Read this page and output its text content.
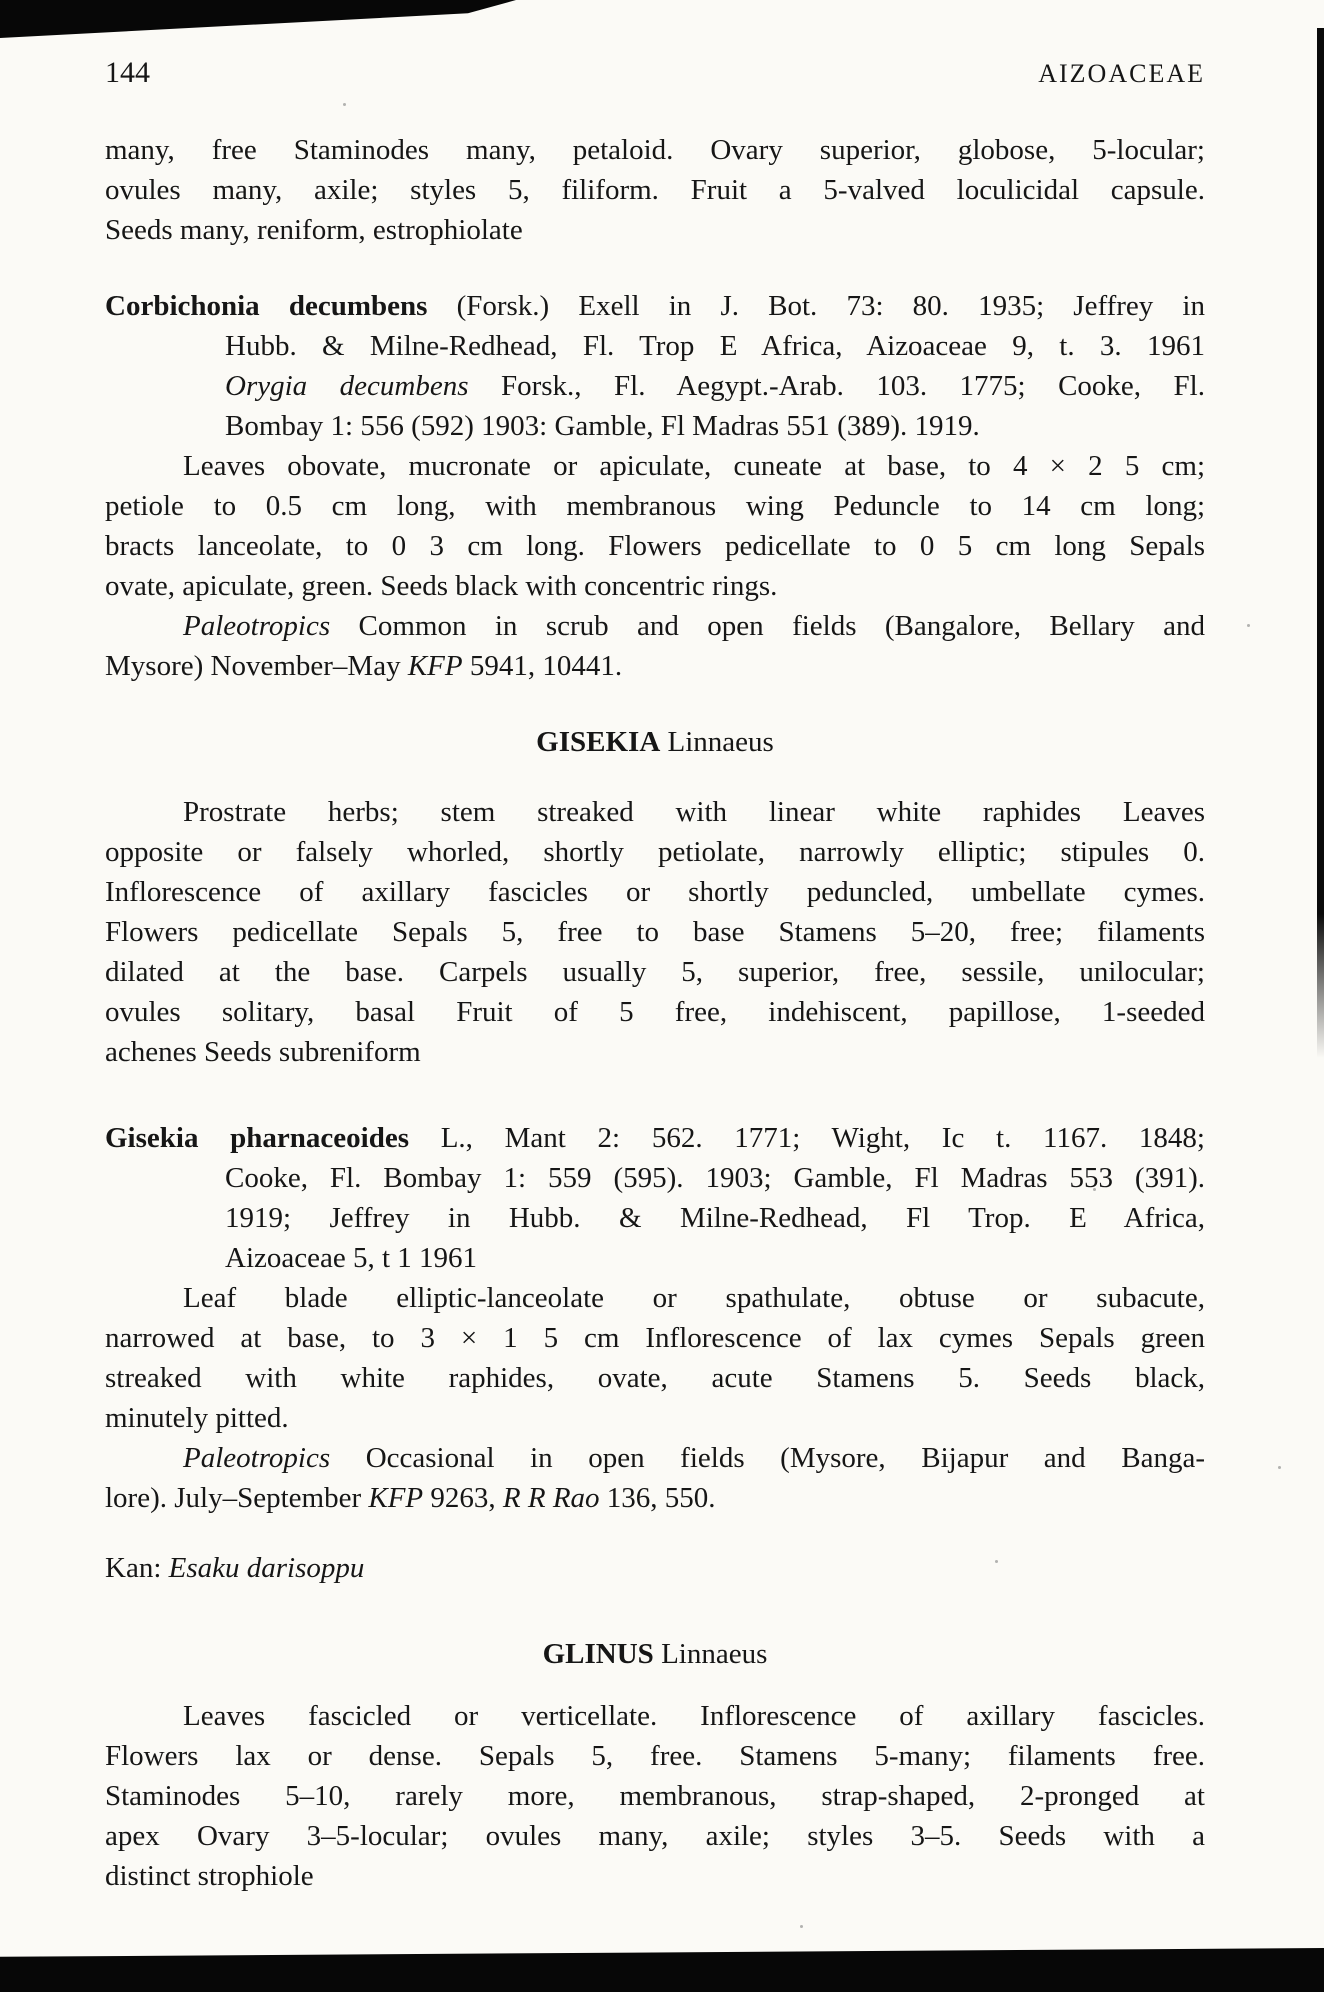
144	AIZOACEAE
many, free Staminodes many, petaloid. Ovary superior, globose, 5-locular;
ovules many, axile; styles 5, filiform. Fruit a 5-valved loculicidal capsule.
Seeds many, reniform, estrophiolate
Corbichonia decumbens (Forsk.) Exell in J. Bot. 73: 80. 1935; Jeffrey in
Hubb. & Milne-Redhead, Fl. Trop E Africa, Aizoaceae 9, t. 3. 1961
Orygia decumbens Forsk., Fl. Aegypt.-Arab. 103. 1775; Cooke, Fl.
Bombay 1: 556 (592) 1903: Gamble, Fl Madras 551 (389). 1919.
Leaves obovate, mucronate or apiculate, cuneate at base, to 4 × 2 5 cm;
petiole to 0.5 cm long, with membranous wing Peduncle to 14 cm long;
bracts lanceolate, to 0 3 cm long. Flowers pedicellate to 0 5 cm long Sepals
ovate, apiculate, green. Seeds black with concentric rings.
Paleotropics Common in scrub and open fields (Bangalore, Bellary and
Mysore) November–May KFP 5941, 10441.
GISEKIA Linnaeus
Prostrate herbs; stem streaked with linear white raphides Leaves
opposite or falsely whorled, shortly petiolate, narrowly elliptic; stipules 0.
Inflorescence of axillary fascicles or shortly peduncled, umbellate cymes.
Flowers pedicellate Sepals 5, free to base Stamens 5–20, free; filaments
dilated at the base. Carpels usually 5, superior, free, sessile, unilocular;
ovules solitary, basal Fruit of 5 free, indehiscent, papillose, 1-seeded
achenes Seeds subreniform
Gisekia pharnaceoides L., Mant 2: 562. 1771; Wight, Ic t. 1167. 1848;
Cooke, Fl. Bombay 1: 559 (595). 1903; Gamble, Fl Madras 553 (391).
1919; Jeffrey in Hubb. & Milne-Redhead, Fl Trop. E Africa,
Aizoaceae 5, t 1 1961
Leaf blade elliptic-lanceolate or spathulate, obtuse or subacute,
narrowed at base, to 3 × 1 5 cm Inflorescence of lax cymes Sepals green
streaked with white raphides, ovate, acute Stamens 5. Seeds black,
minutely pitted.
Paleotropics Occasional in open fields (Mysore, Bijapur and Banga-
lore). July–September KFP 9263, R R Rao 136, 550.
Kan: Esaku darisoppu
GLINUS Linnaeus
Leaves fascicled or verticellate. Inflorescence of axillary fascicles.
Flowers lax or dense. Sepals 5, free. Stamens 5-many; filaments free.
Staminodes 5–10, rarely more, membranous, strap-shaped, 2-pronged at
apex Ovary 3–5-locular; ovules many, axile; styles 3–5. Seeds with a
distinct strophiole
